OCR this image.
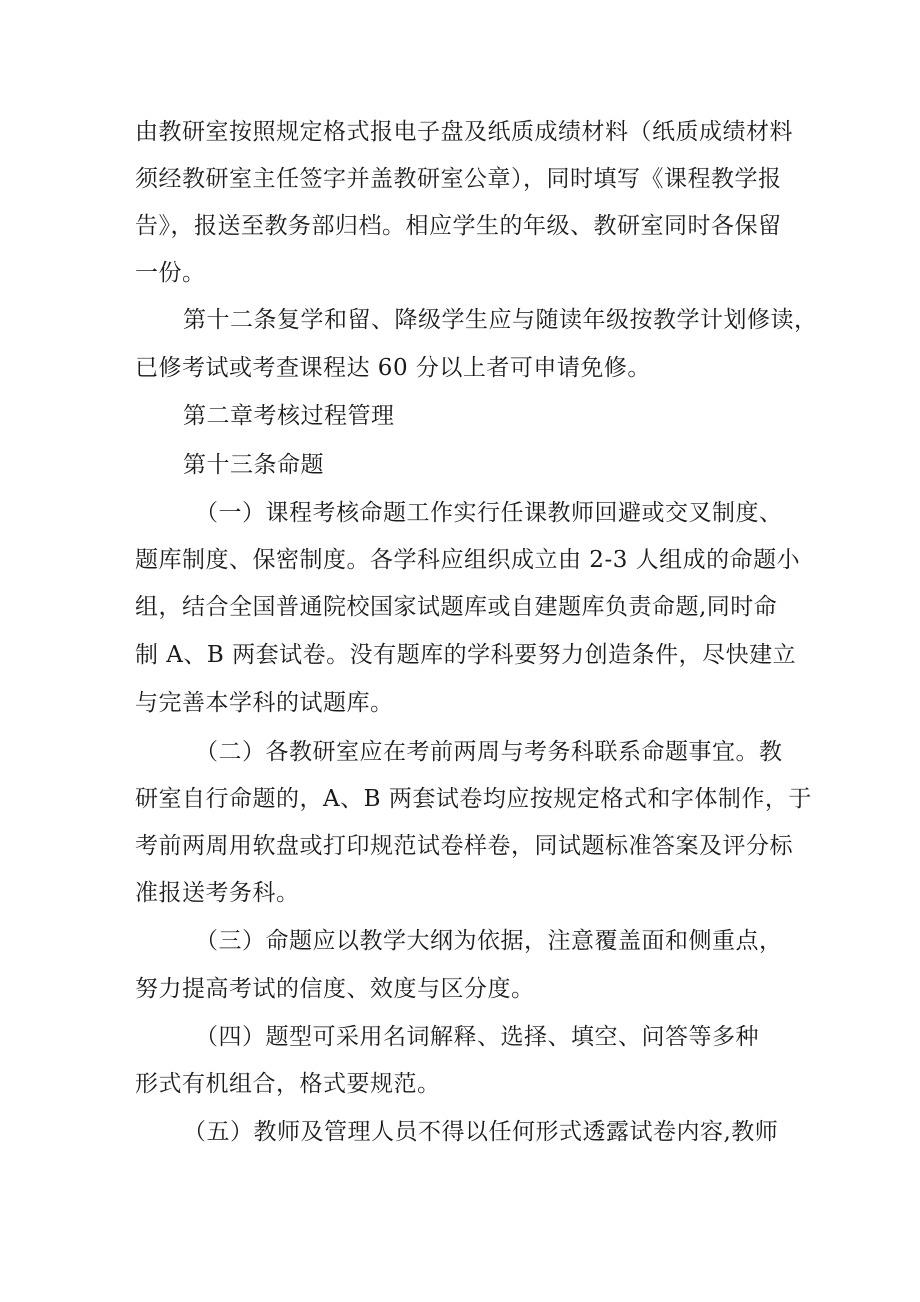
由教研室按照规定格式报电子盘及纸质成绩材料（纸质成绩材料

须经教研室主任签字并盖教研室公章），同时填写《课程教学报

告》，报送至教务部归档。相应学生的年级、教研室同时各保留

一份。

第十二条复学和留、降级学生应与随读年级按教学计划修读，

已修考试或考查课程达 60 分以上者可申请免修。

第二章考核过程管理

第十三条命题

（一）课程考核命题工作实行任课教师回避或交叉制度、

题库制度、保密制度。各学科应组织成立由 2-3 人组成的命题小

组，结合全国普通院校国家试题库或自建题库负责命题,同时命

制 A、B 两套试卷。没有题库的学科要努力创造条件，尽快建立

与完善本学科的试题库。

（二）各教研室应在考前两周与考务科联系命题事宜。教

研室自行命题的，A、B 两套试卷均应按规定格式和字体制作，于

考前两周用软盘或打印规范试卷样卷，同试题标准答案及评分标

准报送考务科。

（三）命题应以教学大纲为依据，注意覆盖面和侧重点，

努力提高考试的信度、效度与区分度。

（四）题型可采用名词解释、选择、填空、问答等多种

形式有机组合，格式要规范。

（五）教师及管理人员不得以任何形式透露试卷内容,教师
